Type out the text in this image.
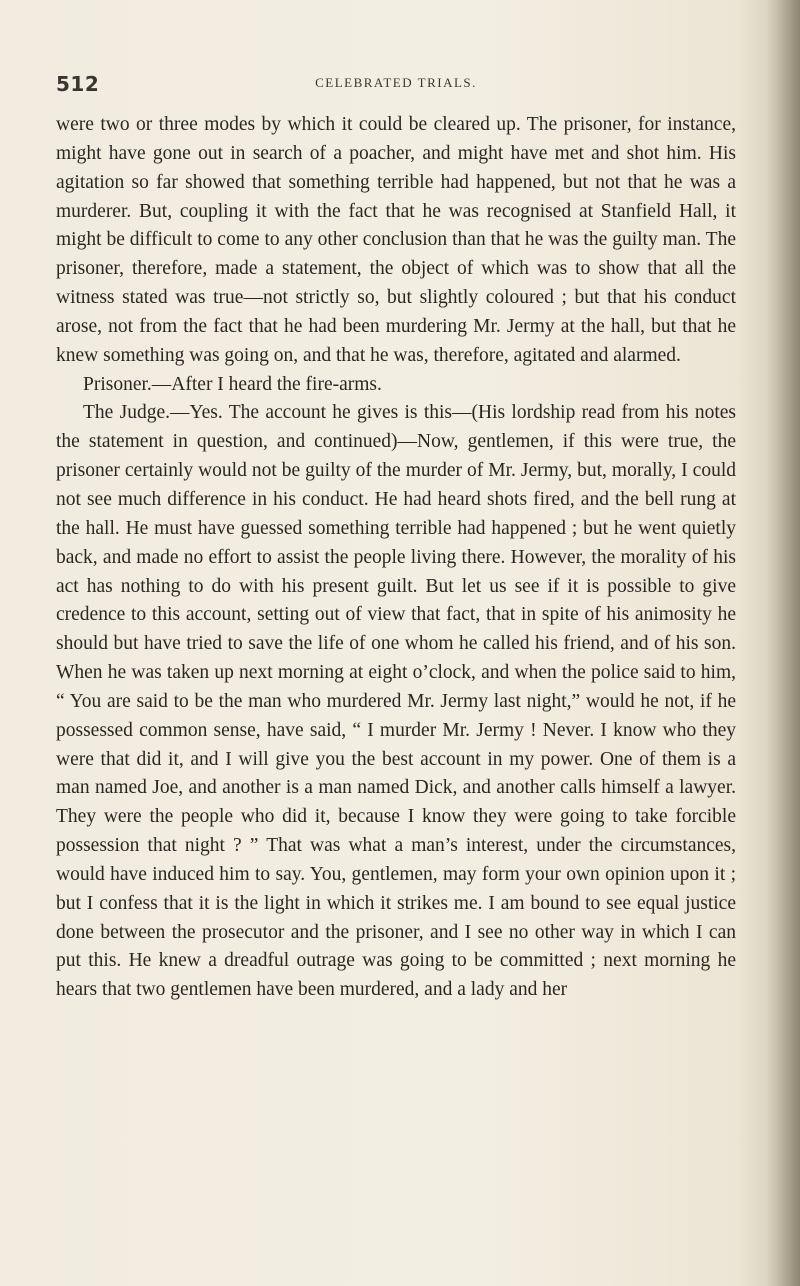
512	CELEBRATED TRIALS.

were two or three modes by which it could be cleared up. The prisoner, for instance, might have gone out in search of a poacher, and might have met and shot him. His agitation so far showed that something terrible had happened, but not that he was a murderer. But, coupling it with the fact that he was recognised at Stanfield Hall, it might be difficult to come to any other conclusion than that he was the guilty man. The prisoner, therefore, made a statement, the object of which was to show that all the witness stated was true—not strictly so, but slightly coloured ; but that his conduct arose, not from the fact that he had been murdering Mr. Jermy at the hall, but that he knew something was going on, and that he was, therefore, agitated and alarmed.

Prisoner.—After I heard the fire-arms.

The Judge.—Yes. The account he gives is this—(His lordship read from his notes the statement in question, and continued)—Now, gentlemen, if this were true, the prisoner certainly would not be guilty of the murder of Mr. Jermy, but, morally, I could not see much difference in his conduct. He had heard shots fired, and the bell rung at the hall. He must have guessed something terrible had happened ; but he went quietly back, and made no effort to assist the people living there. However, the morality of his act has nothing to do with his present guilt. But let us see if it is possible to give credence to this account, setting out of view that fact, that in spite of his animosity he should but have tried to save the life of one whom he called his friend, and of his son. When he was taken up next morning at eight o’clock, and when the police said to him, “ You are said to be the man who murdered Mr. Jermy last night,” would he not, if he possessed common sense, have said, “ I murder Mr. Jermy ! Never. I know who they were that did it, and I will give you the best account in my power. One of them is a man named Joe, and another is a man named Dick, and another calls himself a lawyer. They were the people who did it, because I know they were going to take forcible possession that night ? ” That was what a man’s interest, under the circumstances, would have induced him to say. You, gentlemen, may form your own opinion upon it ; but I confess that it is the light in which it strikes me. I am bound to see equal justice done between the prosecutor and the prisoner, and I see no other way in which I can put this. He knew a dreadful outrage was going to be committed ; next morning he hears that two gentlemen have been murdered, and a lady and her
